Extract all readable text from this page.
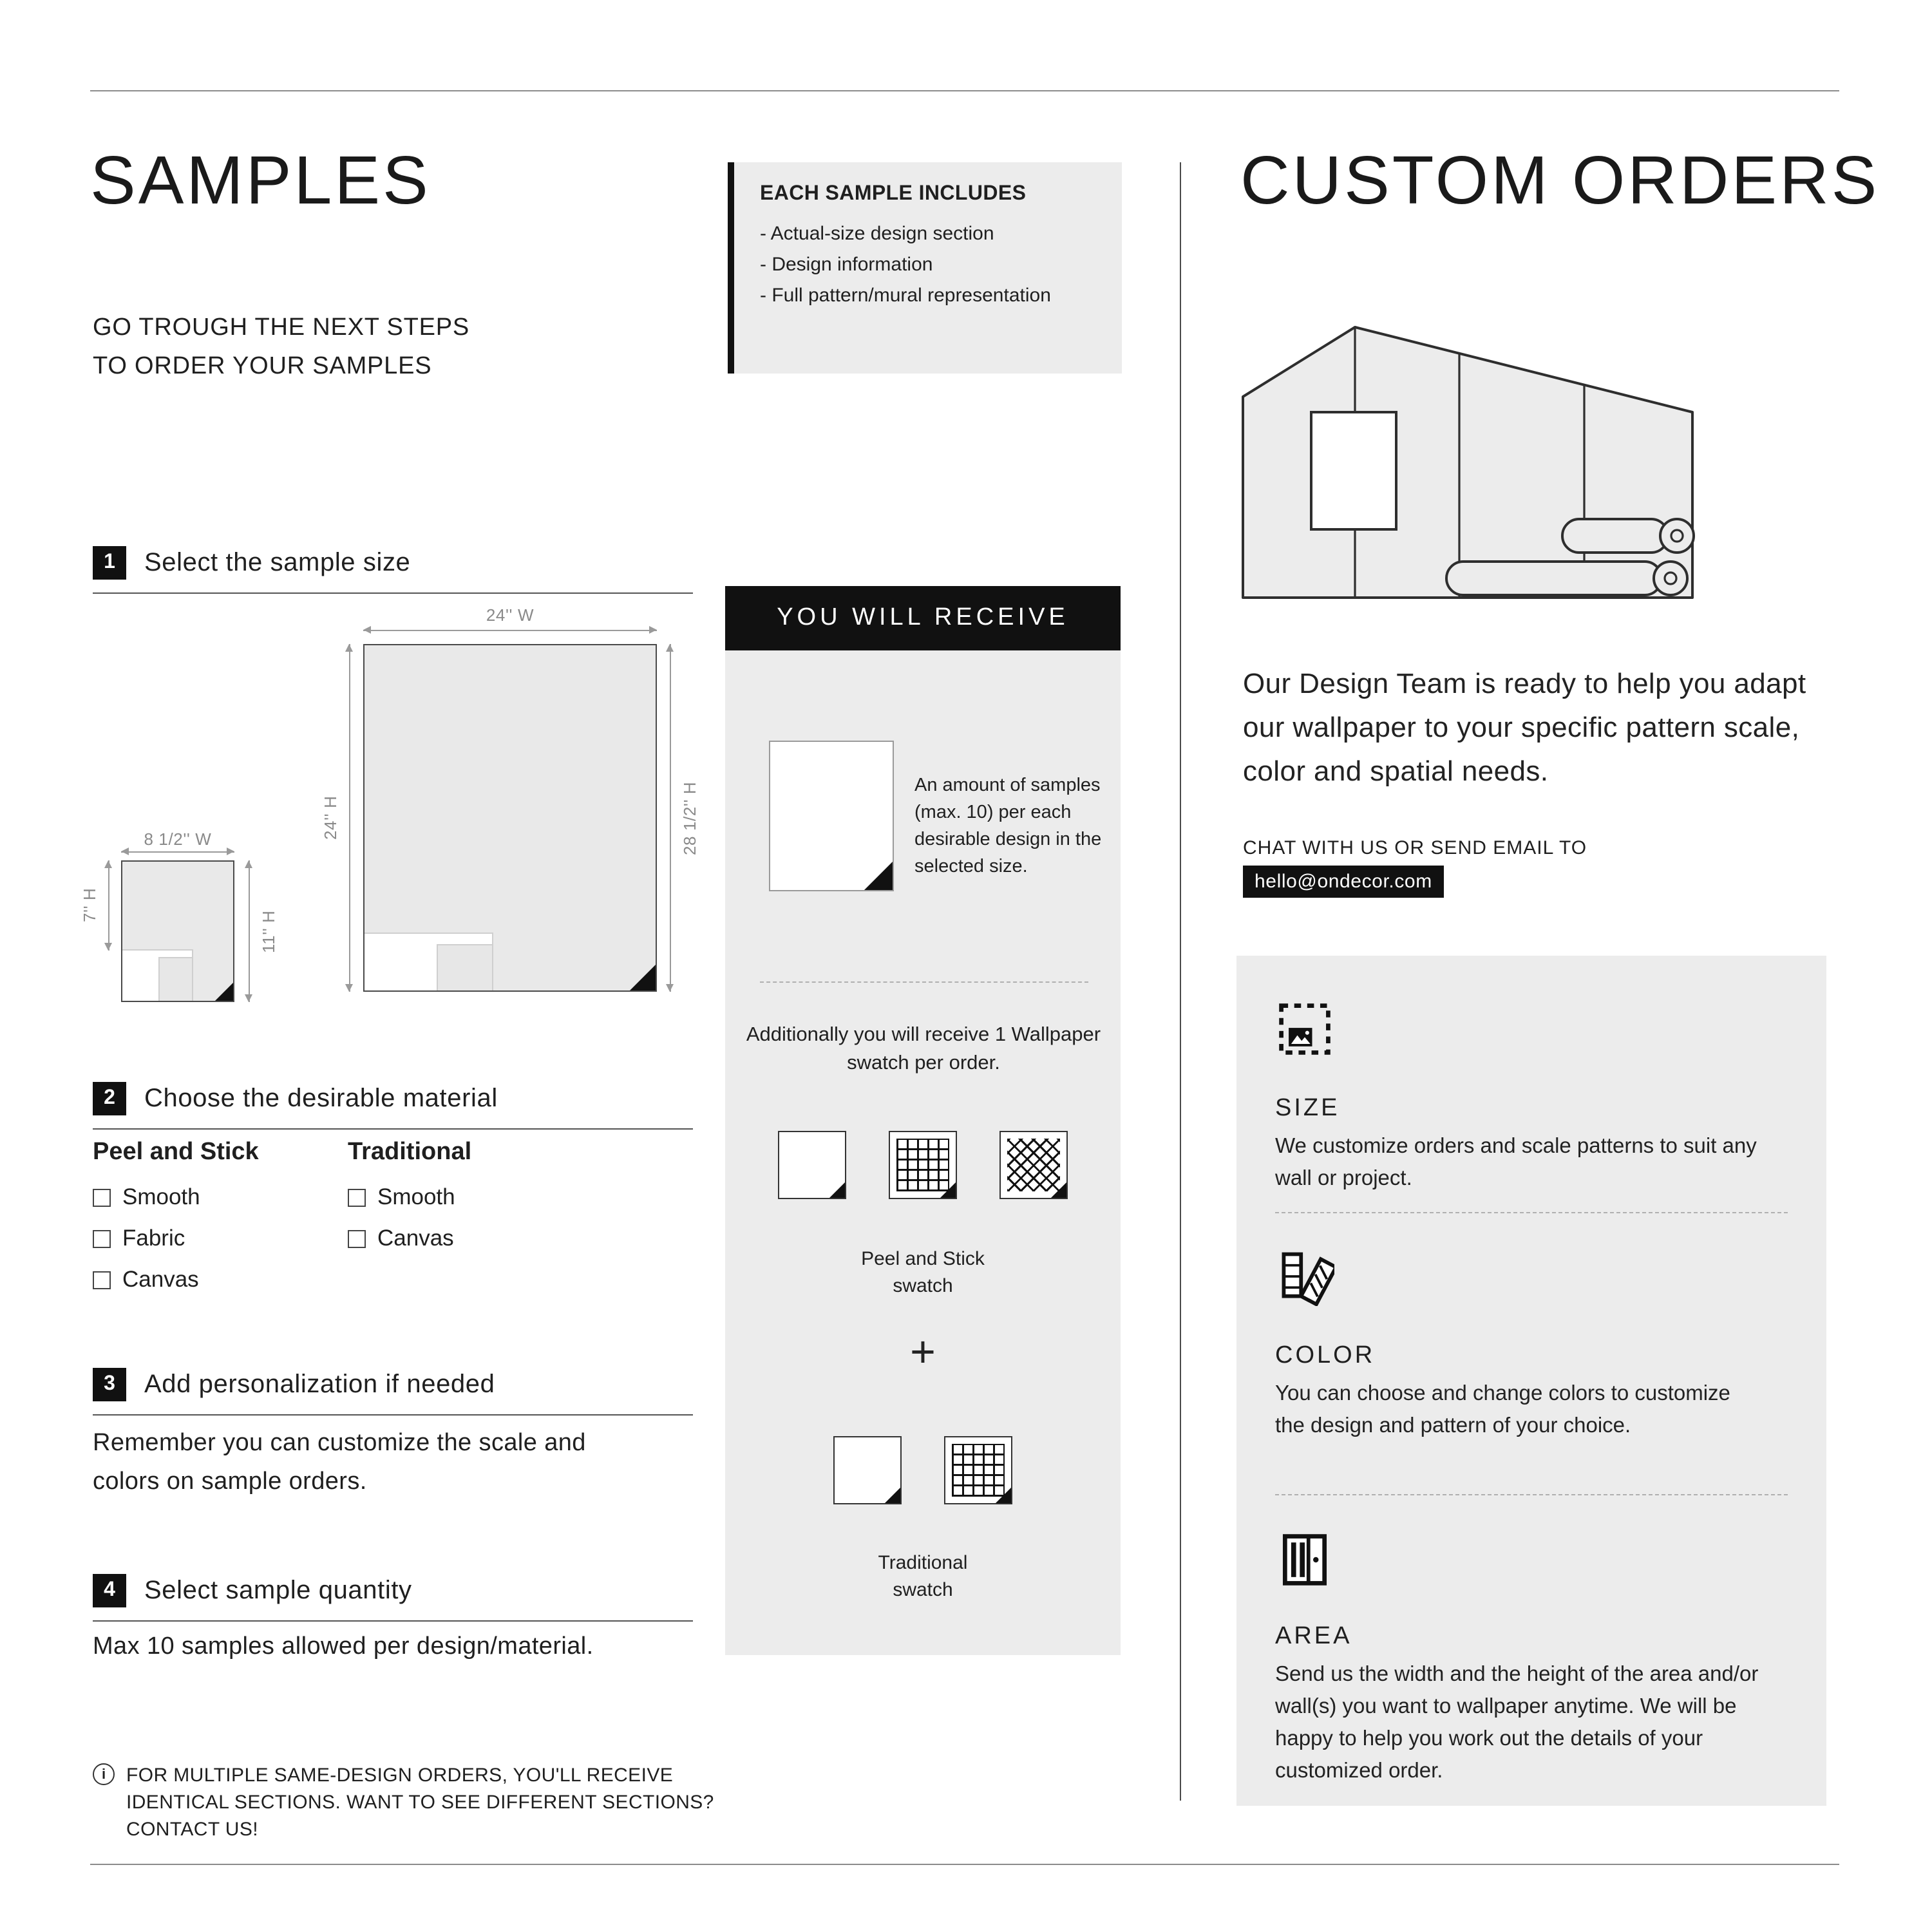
SAMPLES	EACH SAMPLE INCLUDES
- Actual-size design section
- Design information
- Full pattern/mural representation
GO TROUGH THE NEXT STEPS
TO ORDER YOUR SAMPLES
1	Select the sample size
24'' W
24'' H	28 1/2'' H
8 1/2'' W
7'' H
11'' H
2	Choose the desirable material
Peel and Stick
Smooth
Fabric
Canvas
Traditional
Smooth
Canvas
3	Add personalization if needed
Remember you can customize the scale and colors on sample orders.
4	Select sample quantity
Max 10 samples allowed per design/material.
i	FOR MULTIPLE SAME-DESIGN ORDERS, YOU'LL RECEIVE IDENTICAL SECTIONS. WANT TO SEE DIFFERENT SECTIONS? CONTACT US!
YOU WILL RECEIVE
An amount of samples (max. 10) per each desirable design in the selected size.
Additionally you will receive 1 Wallpaper swatch per order.
Peel and Stick
swatch
+
Traditional
swatch
CUSTOM ORDERS

Our Design Team is ready to help you adapt our wallpaper to your specific pattern scale, color and spatial needs.

CHAT WITH US OR SEND EMAIL TO
hello@ondecor.com
SIZE
We customize orders and scale patterns to suit any wall or project.
COLOR
You can choose and change colors to customize the design and pattern of your choice.
AREA
Send us the width and the height of the area and/or wall(s) you want to wallpaper anytime. We will be happy to help you work out the details of your customized order.
